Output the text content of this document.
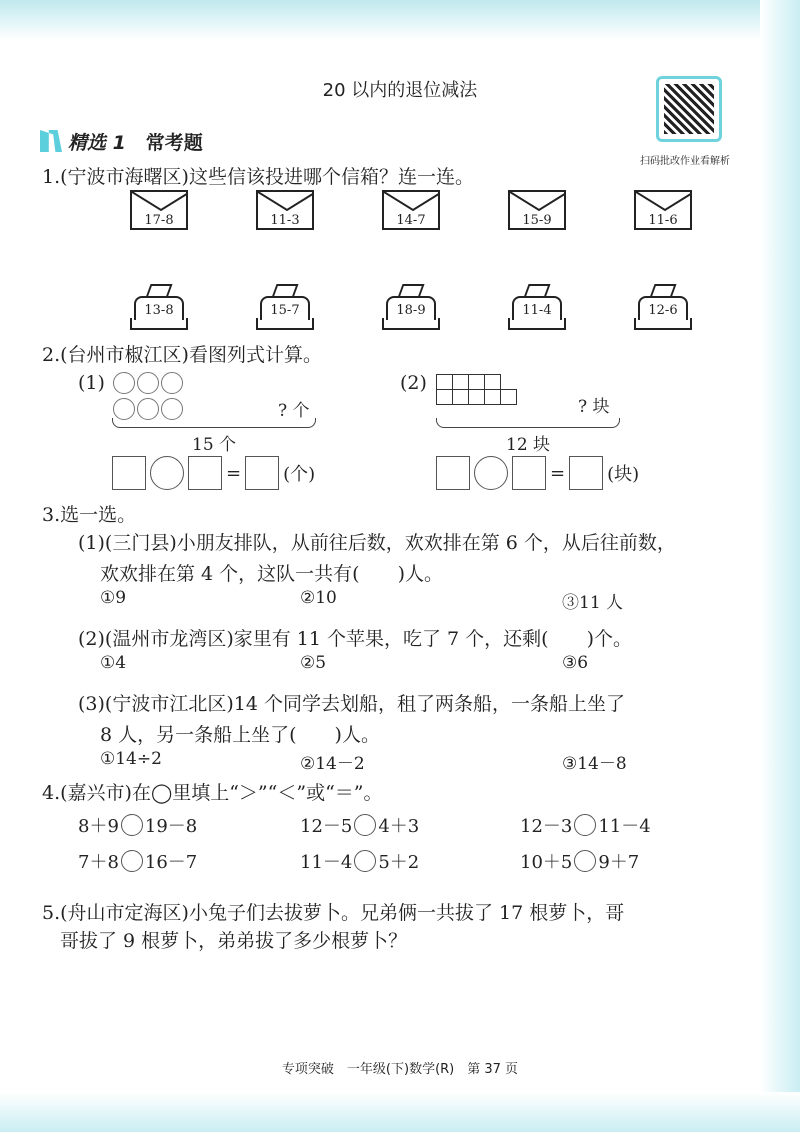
20 以内的退位减法
扫码批改作业看解析
精选 1 常考题
1.(宁波市海曙区)这些信该投进哪个信箱？连一连。
17-8	11-3	14-7	15-9	11-6
13-8	15-7	18-9	11-4	12-6
2.(台州市椒江区)看图列式计算。
(1)

? 个
15 个
= (个)
(2)
? 块
12 块
= (块)
3.选一选。
(1)(三门县)小朋友排队，从前往后数，欢欢排在第 6 个，从后往前数，
欢欢排在第 4 个，这队一共有(　　)人。
①9	②10	③11 人
(2)(温州市龙湾区)家里有 11 个苹果，吃了 7 个，还剩(　　)个。
①4	②5	③6
(3)(宁波市江北区)14 个同学去划船，租了两条船，一条船上坐了
8 人，另一条船上坐了(　　)人。
①14÷2	②14－2	③14－8
4.(嘉兴市)在◯里填上“＞”“＜”或“＝”。
8＋9 19－8	12－5 4＋3	12－3 11－4
7＋8 16－7	11－4 5＋2	10＋5 9＋7
5.(舟山市定海区)小兔子们去拔萝卜。兄弟俩一共拔了 17 根萝卜，哥
哥拔了 9 根萝卜，弟弟拔了多少根萝卜？
专项突破　一年级(下)数学(R)　第 37 页
